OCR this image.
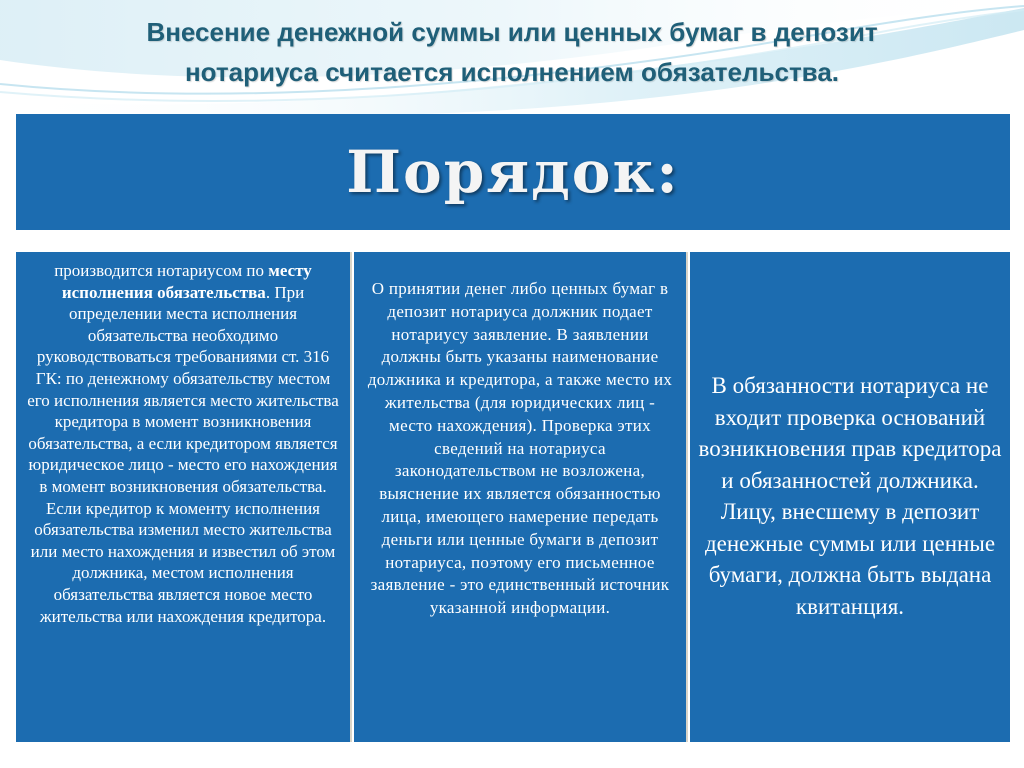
Внесение денежной суммы или ценных бумаг в депозит
нотариуса считается исполнением обязательства.
Порядок:
производится нотариусом по месту исполнения обязательства. При определении места исполнения обязательства необходимо руководствоваться требованиями ст. 316 ГК: по денежному обязательству местом его исполнения является место жительства кредитора в момент возникновения обязательства, а если кредитором является юридическое лицо - место его нахождения в момент возникновения обязательства. Если кредитор к моменту исполнения обязательства изменил место жительства или место нахождения и известил об этом должника, местом исполнения обязательства является новое место жительства или нахождения кредитора.
О принятии денег либо ценных бумаг в депозит нотариуса должник подает нотариусу заявление. В заявлении должны быть указаны наименование должника и кредитора, а также место их жительства (для юридических лиц - место нахождения). Проверка этих сведений на нотариуса законодательством не возложена, выяснение их является обязанностью лица, имеющего намерение передать деньги или ценные бумаги в депозит нотариуса, поэтому его письменное заявление - это единственный источник указанной информации.
В обязанности нотариуса не входит проверка оснований возникновения прав кредитора и обязанностей должника. Лицу, внесшему в депозит денежные суммы или ценные бумаги, должна быть выдана квитанция.
